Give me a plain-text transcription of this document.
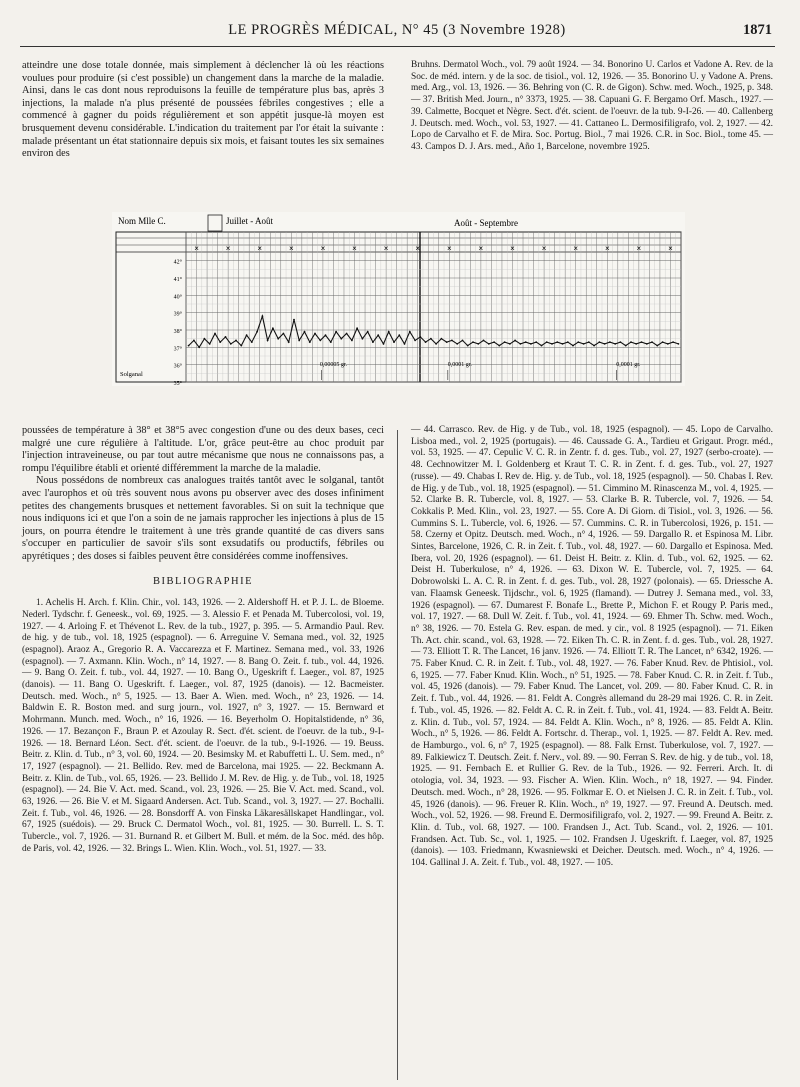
LE PROGRÈS MÉDICAL, N° 45 (3 Novembre 1928)	1871

atteindre une dose totale donnée, mais simplement à déclencher là où les réactions voulues pour produire (si c'est possible) un changement dans la marche de la maladie. Ainsi, dans le cas dont nous reproduisons la feuille de température plus bas, après 3 injections, la malade n'a plus présenté de poussées fébriles congestives ; elle a commencé à gagner du poids régulièrement et son appétit jusque-là moyen est brusquement devenu considérable. L'indication du traitement par l'or était la suivante : malade présentant un état stationnaire depuis six mois, et faisant toutes les six semaines environ des

Bruhns. Dermatol Woch., vol. 79 août 1924. — 34. Bonorino U. Carlos et Vadone A. Rev. de la Soc. de méd. intern. y de la soc. de tisiol., vol. 12, 1926. — 35. Bonorino U. y Vadone A. Prens. med. Arg., vol. 13, 1926. — 36. Behring von (C. R. de Gigon). Schw. med. Woch., 1925, p. 348. — 37. British Med. Journ., n° 3373, 1925. — 38. Capuani G. F. Bergamo Orf. Masch., 1927. — 39. Calmette, Bocquet et Nègre. Sect. d'ét. scient. de l'oeuvr. de la tub. 9-I-26. — 40. Callenberg J. Deutsch. med. Woch., vol. 53, 1927. — 41. Cattaneo L. Dermosifiligrafo, vol. 2, 1927. — 42. Lopo de Carvalho et F. de Mira. Soc. Portug. Biol., 7 mai 1926. C.R. in Soc. Biol., tome 45. — 43. Campos D. J. Ars. med., Año 1, Barcelone, novembre 1925.

Nom Mlle C.	Juillet - Août	Août - Septembre
42°
41°
40°
39°
38°
37°
36°
35°
×	×	×	×	×	×	×	×	×	×	×	×	×	×	×	×
Solganal
0,00005 gr.	0,0001 gr.	0,0001 gr.

poussées de température à 38° et 38°5 avec congestion d'une ou des deux bases, ceci malgré une cure régulière à l'altitude. L'or, grâce peut-être au choc produit par l'injection intraveineuse, ou par tout autre mécanisme que nous ne connaissons pas, a rompu l'équilibre établi et orienté différemment la marche de la maladie.

Nous possédons de nombreux cas analogues traités tantôt avec le solganal, tantôt avec l'aurophos et où très souvent nous avons pu observer avec des doses infiniment petites des changements brusques et nettement favorables. Si on suit la technique que nous indiquons ici et que l'on a soin de ne jamais rapprocher les injections à plus de 15 jours, on pourra étendre le traitement à une très grande quantité de cas divers sans s'occuper en particulier de savoir s'ils sont exsudatifs ou productifs, fébriles ou apyrétiques ; des doses si faibles peuvent être considérées comme inoffensives.

BIBLIOGRAPHIE

1. Achelis H. Arch. f. Klin. Chir., vol. 143, 1926. — 2. Aldershoff H. et P. J. L. de Bloeme. Nederl. Tydschr. f. Geneesk., vol. 69, 1925. — 3. Alessio F. et Penada M. Tubercolosi, vol. 19, 1927. — 4. Arloing F. et Thévenot L. Rev. de la tub., 1927, p. 395. — 5. Armandio Paul. Rev. de hig. y de tub., vol. 18, 1925 (espagnol). — 6. Arreguine V. Semana med., vol. 32, 1925 (espagnol). Araoz A., Gregorio R. A. Vaccarezza et F. Martinez. Semana med., vol. 33, 1926 (espagnol). — 7. Axmann. Klin. Woch., n° 14, 1927. — 8. Bang O. Zeit. f. tub., vol. 44, 1926. — 9. Bang O. Zeit. f. tub., vol. 44, 1927. — 10. Bang O., Ugeskrift f. Laeger., vol. 87, 1925 (danois). — 11. Bang O. Ugeskrift. f. Laeger., vol. 87, 1925 (danois). — 12. Bacmeister. Deutsch. med. Woch., n° 5, 1925. — 13. Baer A. Wien. med. Woch., n° 23, 1926. — 14. Baldwin E. R. Boston med. and surg journ., vol. 1927, n° 3, 1927. — 15. Bernward et Mohrmann. Munch. med. Woch., n° 16, 1926. — 16. Beyerholm O. Hopitalstidende, n° 36, 1926. — 17. Bezançon F., Braun P. et Azoulay R. Sect. d'ét. scient. de l'oeuvr. de la tub., 9-I-1926. — 18. Bernard Léon. Sect. d'ét. scient. de l'oeuvr. de la tub., 9-I-1926. — 19. Beuss. Beitr. z. Klin. d. Tub., n° 3, vol. 60, 1924. — 20. Besimsky M. et Rabuffetti L. U. Sem. med., n° 17, 1927 (espagnol). — 21. Bellido. Rev. med de Barcelona, mai 1925. — 22. Beckmann A. Beitr. z. Klin. de Tub., vol. 65, 1926. — 23. Bellido J. M. Rev. de Hig. y. de Tub., vol. 18, 1925 (espagnol). — 24. Bie V. Act. med. Scand., vol. 23, 1926. — 25. Bie V. Act. med. Scand., vol. 63, 1926. — 26. Bie V. et M. Sigaard Andersen. Act. Tub. Scand., vol. 3, 1927. — 27. Bochalli. Zeit. f. Tub., vol. 46, 1926. — 28. Bonsdorff A. von Finska Läkaresällskapet Handlingar., vol. 67, 1925 (suédois). — 29. Bruck C. Dermatol Woch., vol. 81, 1925. — 30. Burrell. L. S. T. Tubercle., vol. 7, 1926. — 31. Burnand R. et Gilbert M. Bull. et mém. de la Soc. méd. des hôp. de Paris, vol. 42, 1926. — 32. Brings L. Wien. Klin. Woch., vol. 51, 1927. — 33.

— 44. Carrasco. Rev. de Hig. y de Tub., vol. 18, 1925 (espagnol). — 45. Lopo de Carvalho. Lisboa med., vol. 2, 1925 (portugais). — 46. Caussade G. A., Tardieu et Grigaut. Progr. méd., vol. 53, 1925. — 47. Cepulic V. C. R. in Zentr. f. d. ges. Tub., vol. 27, 1927 (serbo-croate). — 48. Cechnowitzer M. I. Goldenberg et Kraut T. C. R. in Zent. f. d. ges. Tub., vol. 27, 1927 (russe). — 49. Chabas I. Rev de. Hig. y. de Tub., vol. 18, 1925 (espagnol). — 50. Chabas I. Rev. de Hig. y de Tub., vol. 18, 1925 (espagnol). — 51. Cimmino M. Rinascenza M., vol. 4, 1925. — 52. Clarke B. R. Tubercle, vol. 8, 1927. — 53. Clarke B. R. Tubercle, vol. 7, 1926. — 54. Cokkalis P. Med. Klin., vol. 23, 1927. — 55. Core A. Di Giorn. di Tisiol., vol. 3, 1926. — 56. Cummins S. L. Tubercle, vol. 6, 1926. — 57. Cummins. C. R. in Tubercolosi, 1926, p. 151. — 58. Czerny et Opitz. Deutsch. med. Woch., n° 4, 1926. — 59. Dargallo R. et Espinosa M. Libr. Sintes, Barcelone, 1926, C. R. in Zeit. f. Tub., vol. 48, 1927. — 60. Dargallo et Espinosa. Med. Ibera, vol. 20, 1926 (espagnol). — 61. Deist H. Beitr. z. Klin. d. Tub., vol. 62, 1925. — 62. Deist H. Tuberkulose, n° 4, 1926. — 63. Dixon W. E. Tubercle, vol. 7, 1925. — 64. Dobrowolski L. A. C. R. in Zent. f. d. ges. Tub., vol. 28, 1927 (polonais). — 65. Driessche A. van. Flaamsk Geneesk. Tijdschr., vol. 6, 1925 (flamand). — Dutrey J. Semana med., vol. 33, 1926 (espagnol). — 67. Dumarest F. Bonafe L., Brette P., Michon F. et Rougy P. Paris med., vol. 17, 1927. — 68. Dull W. Zeit. f. Tub., vol. 41, 1924. — 69. Ehmer Th. Schw. med. Woch., n° 38, 1926. — 70. Estela G. Rev. espan. de med. y cir., vol. 8 1925 (espagnol). — 71. Eiken Th. Act. chir. scand., vol. 63, 1928. — 72. Eiken Th. C. R. in Zent. f. d. ges. Tub., vol. 28, 1927. — 73. Elliott T. R. The Lancet, 16 janv. 1926. — 74. Elliott T. R. The Lancet, n° 6342, 1926. — 75. Faber Knud. C. R. in Zeit. f. Tub., vol. 48, 1927. — 76. Faber Knud. Rev. de Phtisiol., vol. 6, 1925. — 77. Faber Knud. Klin. Woch., n° 51, 1925. — 78. Faber Knud. C. R. in Zeit. f. Tub., vol. 45, 1926 (danois). — 79. Faber Knud. The Lancet, vol. 209. — 80. Faber Knud. C. R. in Zeit. f. Tub., vol. 44, 1926. — 81. Feldt A. Congrès allemand du 28-29 mai 1926. C. R. in Zeit. f. Tub., vol. 45, 1926. — 82. Feldt A. C. R. in Zeit. f. Tub., vol. 41, 1924. — 83. Feldt A. Beitr. z. Klin. d. Tub., vol. 57, 1924. — 84. Feldt A. Klin. Woch., n° 8, 1926. — 85. Feldt A. Klin. Woch., n° 5, 1926. — 86. Feldt A. Fortschr. d. Therap., vol. 1, 1925. — 87. Feldt A. Rev. med. de Hamburgo., vol. 6, n° 7, 1925 (espagnol). — 88. Falk Ernst. Tuberkulose, vol. 7, 1927. — 89. Falkiewicz T. Deutsch. Zeit. f. Nerv., vol. 89. — 90. Ferran S. Rev. de hig. y de tub., vol. 18, 1925. — 91. Fernbach E. et Rullier G. Rev. de la Tub., 1926. — 92. Ferreri. Arch. It. di otologia, vol. 34, 1923. — 93. Fischer A. Wien. Klin. Woch., n° 18, 1927. — 94. Finder. Deutsch. med. Woch., n° 28, 1926. — 95. Folkmar E. O. et Nielsen J. C. R. in Zeit. f. Tub., vol. 45, 1926 (danois). — 96. Freuer R. Klin. Woch., n° 19, 1927. — 97. Freund A. Deutsch. med. Woch., vol. 52, 1926. — 98. Freund E. Dermosifiligrafo, vol. 2, 1927. — 99. Freund A. Beitr. z. Klin. d. Tub., vol. 68, 1927. — 100. Frandsen J., Act. Tub. Scand., vol. 2, 1926. — 101. Frandsen. Act. Tub. Sc., vol. 1, 1925. — 102. Frandsen J. Ugeskrift. f. Laeger, vol. 87, 1925 (danois). — 103. Friedmann, Kwasniewski et Deicher. Deutsch. med. Woch., n° 4, 1926. — 104. Gallinal J. A. Zeit. f. Tub., vol. 48, 1927. — 105.
